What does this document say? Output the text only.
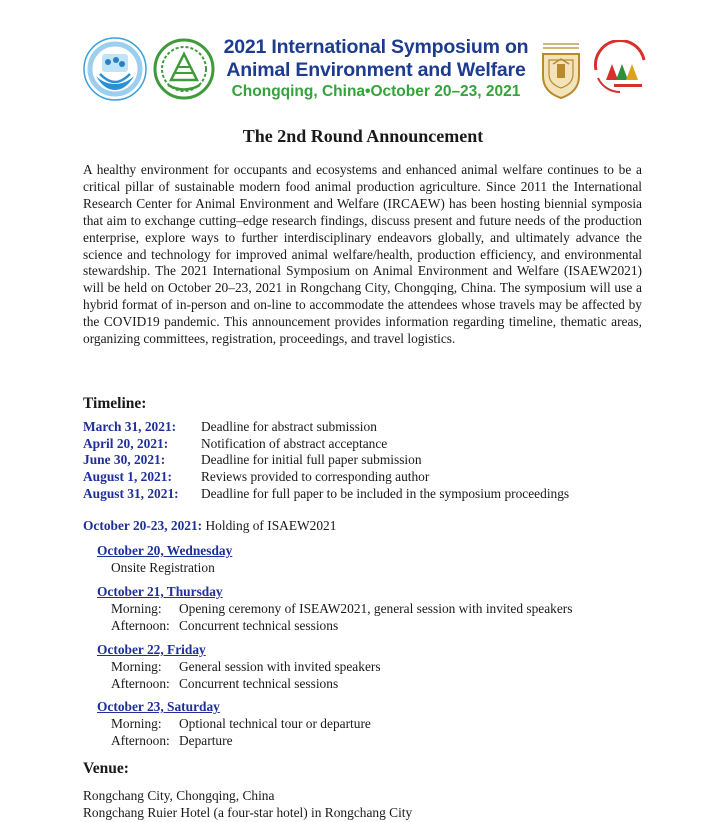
2021 International Symposium on
Animal Environment and Welfare
Chongqing, China•October 20–23, 2021
The 2nd Round Announcement

A healthy environment for occupants and ecosystems and enhanced animal welfare continues to be a critical pillar of sustainable modern food animal production agriculture. Since 2011 the International Research Center for Animal Environment and Welfare (IRCAEW) has been hosting biennial symposia that aim to exchange cutting–edge research findings, discuss present and future needs of the production enterprise, explore ways to further interdisciplinary endeavors globally, and ultimately advance the science and technology for improved animal welfare/health, production efficiency, and environmental stewardship. The 2021 International Symposium on Animal Environment and Welfare (ISAEW2021) will be held on October 20–23, 2021 in Rongchang City, Chongqing, China. The symposium will use a hybrid format of in-person and on-line to accommodate the attendees whose travels may be affected by the COVID19 pandemic. This announcement provides information regarding timeline, thematic areas, organizing committees, registration, proceedings, and travel logistics.

Timeline:
March 31, 2021:	Deadline for abstract submission
April 20, 2021:	Notification of abstract acceptance
June 30, 2021:	Deadline for initial full paper submission
August 1, 2021:	Reviews provided to corresponding author
August 31, 2021:	Deadline for full paper to be included in the symposium proceedings
October 20-23, 2021: Holding of ISAEW2021
October 20, Wednesday
Onsite Registration
October 21, Thursday
Morning:	Opening ceremony of ISEAW2021, general session with invited speakers
Afternoon: Concurrent technical sessions
October 22, Friday
Morning:	General session with invited speakers
Afternoon: Concurrent technical sessions
October 23, Saturday
Morning:	Optional technical tour or departure
Afternoon: Departure
Venue:
Rongchang City, Chongqing, China
Rongchang Ruier Hotel (a four-star hotel) in Rongchang City
